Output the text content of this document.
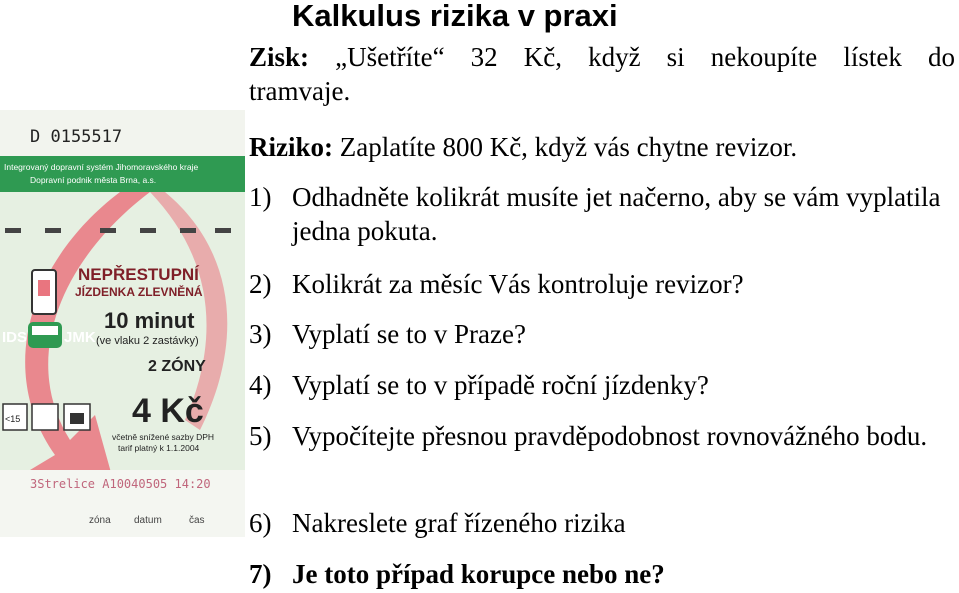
Kalkulus rizika v praxi
Zisk: „Ušetříte“ 32 Kč, když si nekoupíte lístek do
tramvaje.
Riziko: Zaplatíte 800 Kč, když vás chytne revizor.
1) Odhadněte kolikrát musíte jet načerno, aby se vám vyplatila jedna pokuta.
2) Kolikrát za měsíc Vás kontroluje revizor?
3) Vyplatí se to v Praze?
4) Vyplatí se to v případě roční jízdenky?
5) Vypočítejte přesnou pravděpodobnost rovnovážného bodu.
6) Nakreslete graf řízeného rizika
7) Je toto případ korupce nebo ne?
D 0155517
Integrovaný dopravní systém Jihomoravského kraje
Dopravní podnik města Brna, a.s.
NEPŘESTUPNÍ
JÍZDENKA ZLEVNĚNÁ
10 minut
(ve vlaku 2 zastávky)
2 ZÓNY
4 Kč
včetně snížené sazby DPH
tarif platný k 1.1.2004
IDS JMK
<15
3Strelice A10040505 14:20
zóna datum	čas
